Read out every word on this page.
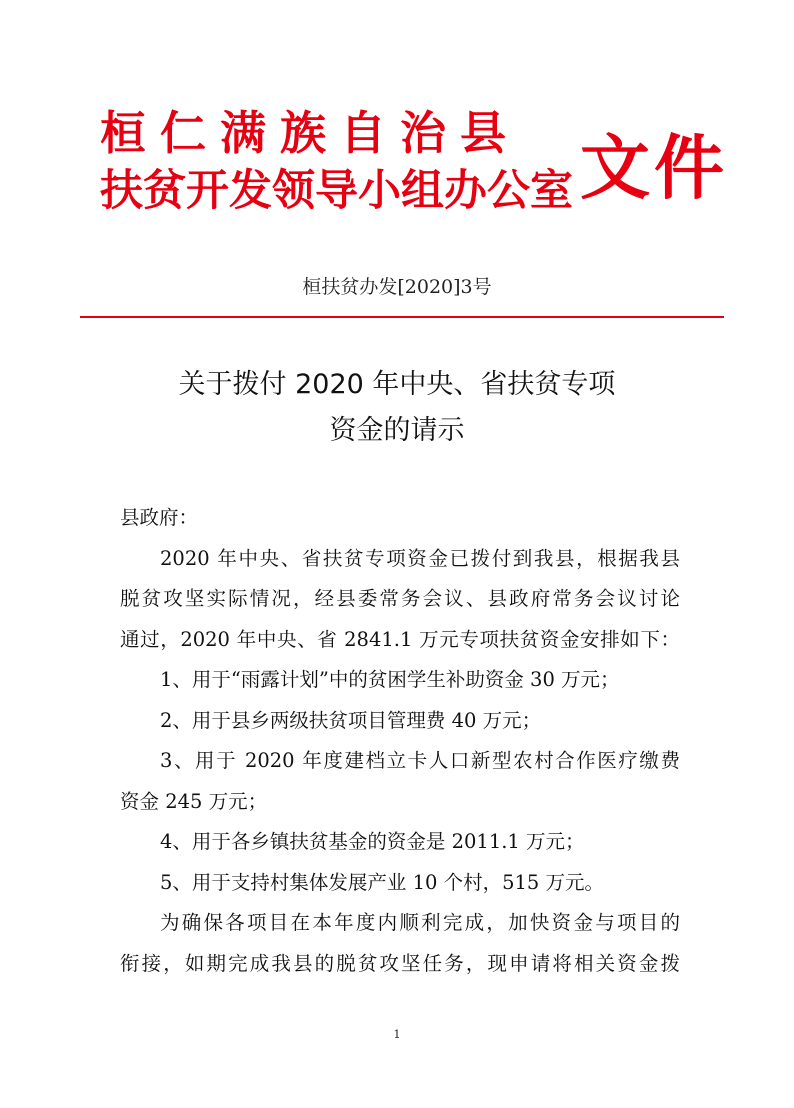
桓仁满族自治县
扶贫开发领导小组办公室 文件
桓扶贫办发[2020]3号
关于拨付 2020 年中央、省扶贫专项
资金的请示

县政府：

2020 年中央、省扶贫专项资金已拨付到我县，根据我县

脱贫攻坚实际情况，经县委常务会议、县政府常务会议讨论

通过，2020 年中央、省 2841.1 万元专项扶贫资金安排如下：

1、用于“雨露计划”中的贫困学生补助资金 30 万元；

2、用于县乡两级扶贫项目管理费 40 万元；

3、用于 2020 年度建档立卡人口新型农村合作医疗缴费

资金 245 万元；

4、用于各乡镇扶贫基金的资金是 2011.1 万元；

5、用于支持村集体发展产业 10 个村，515 万元。

为确保各项目在本年度内顺利完成，加快资金与项目的

衔接，如期完成我县的脱贫攻坚任务，现申请将相关资金拨

1
